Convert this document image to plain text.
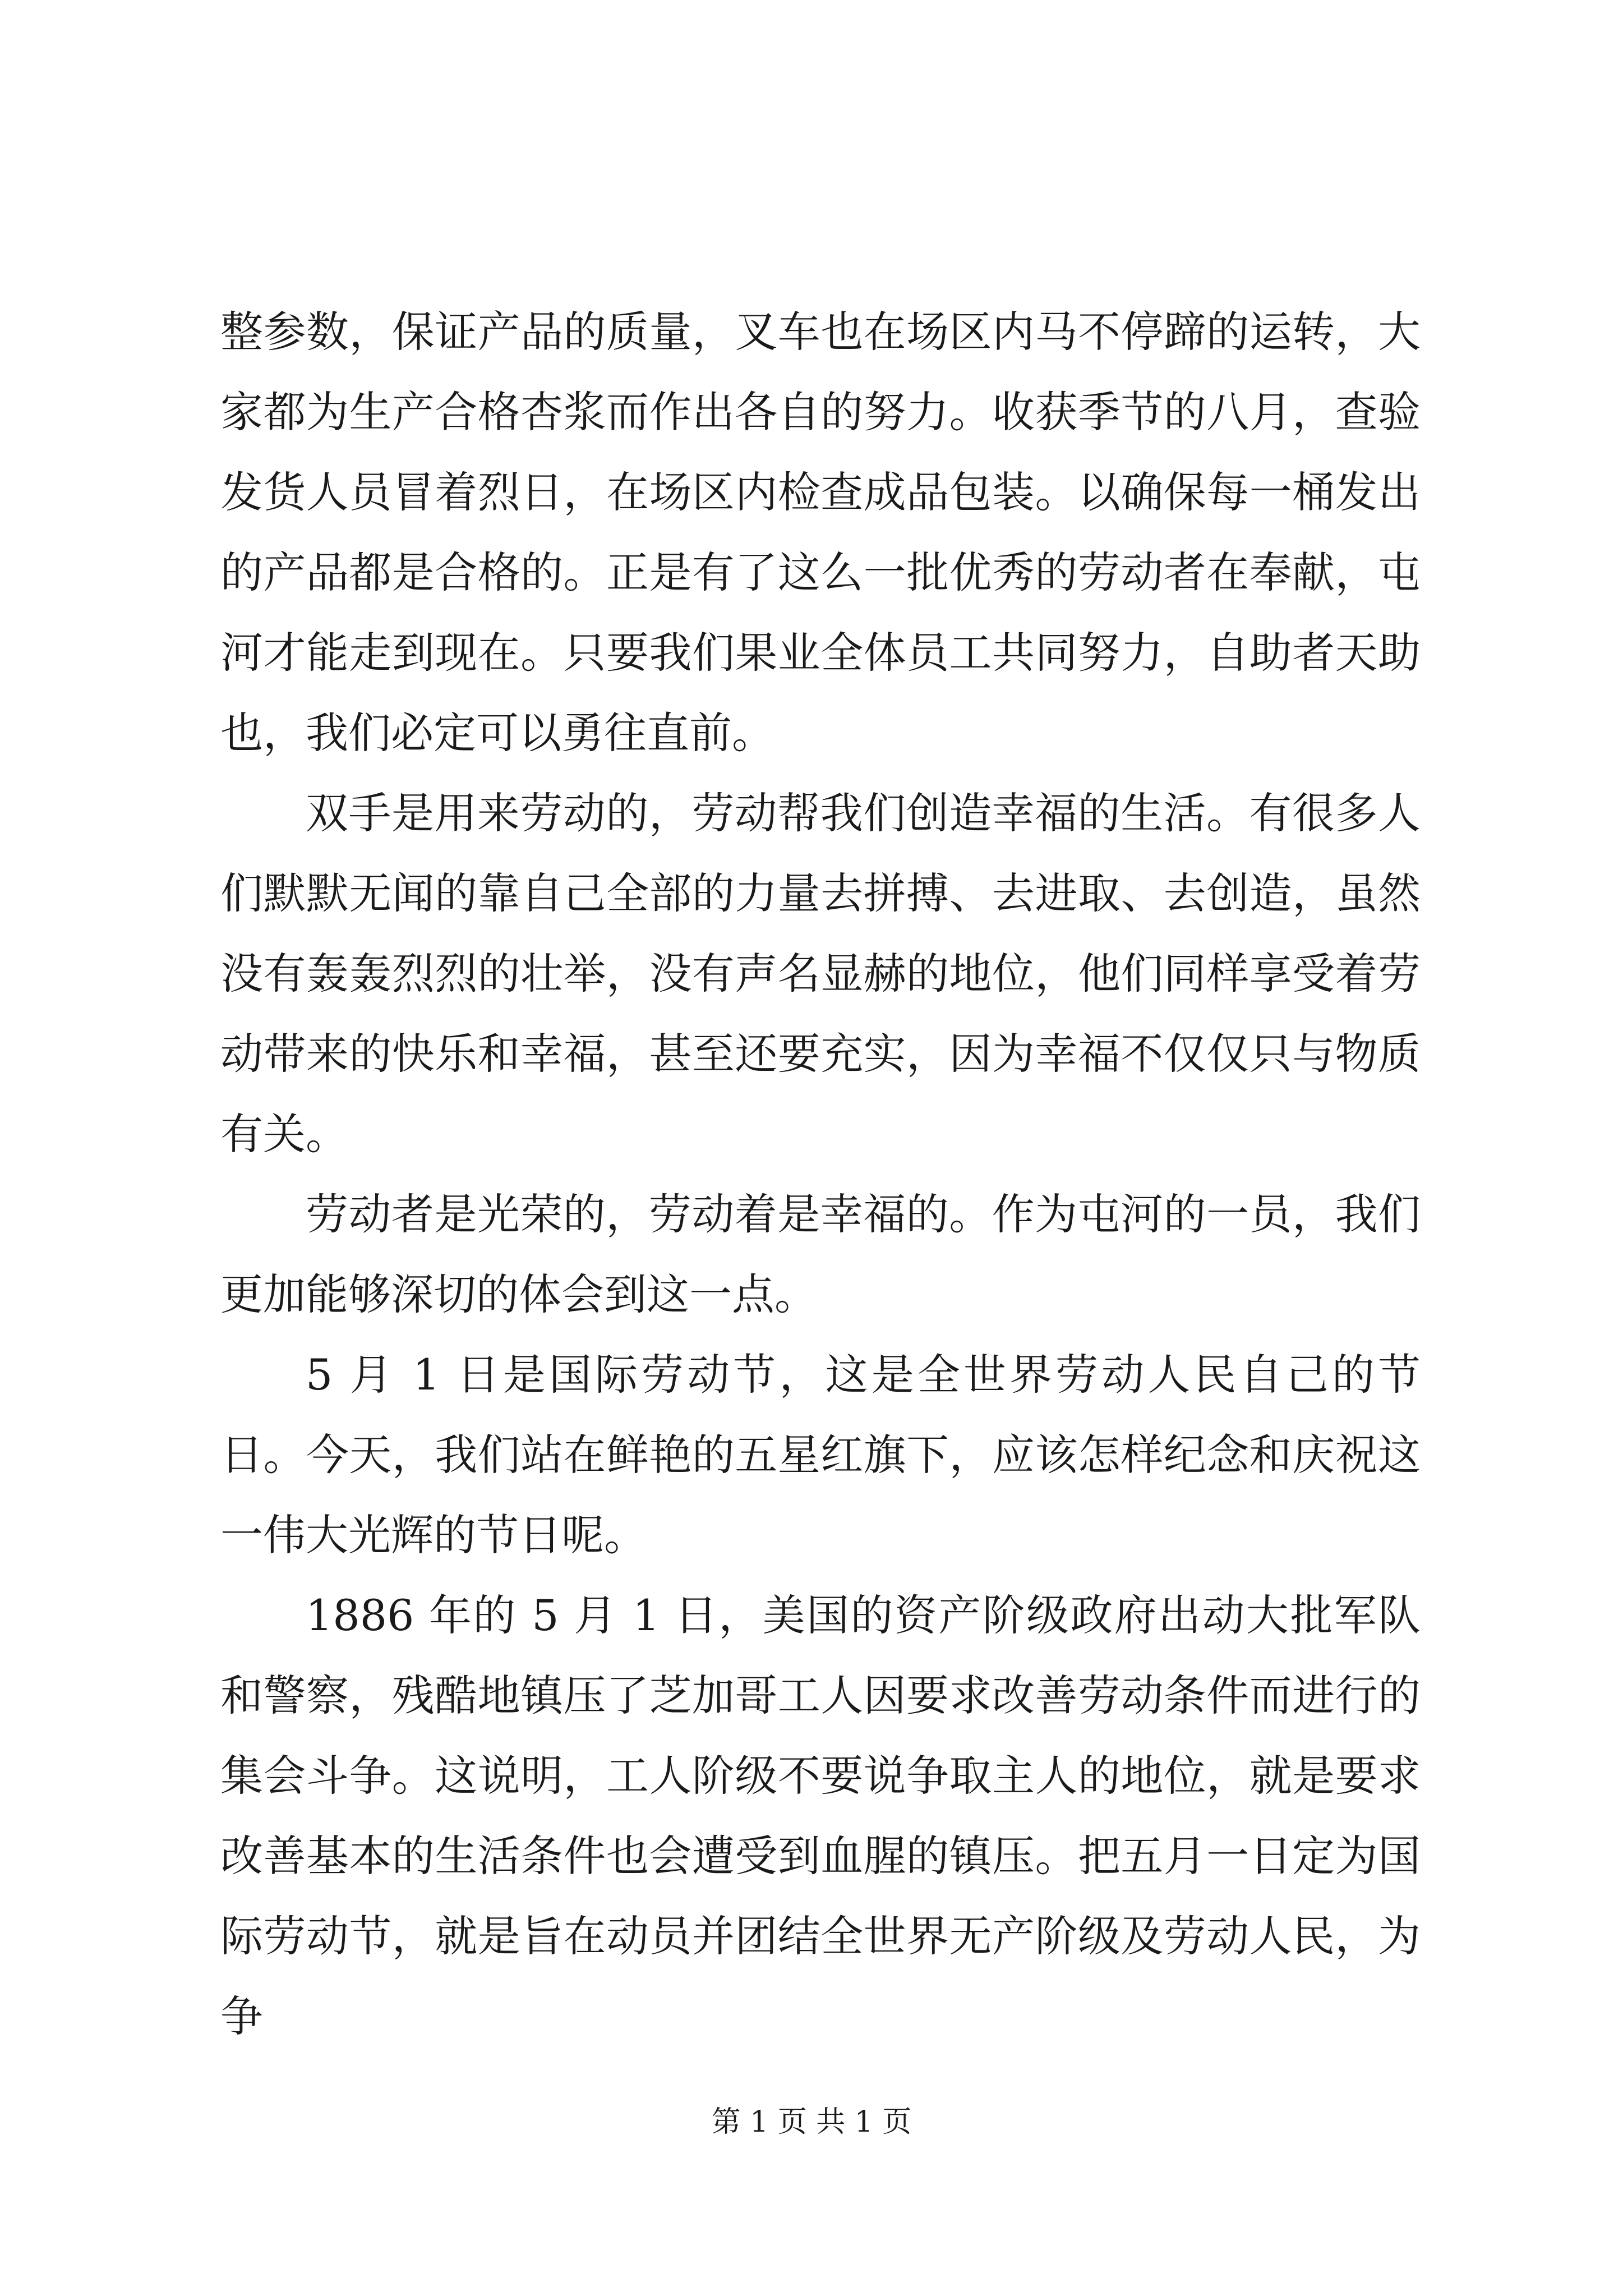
整参数，保证产品的质量，叉车也在场区内马不停蹄的运转，大家都为生产合格杏浆而作出各自的努力。收获季节的八月，查验发货人员冒着烈日，在场区内检查成品包装。以确保每一桶发出的产品都是合格的。正是有了这么一批优秀的劳动者在奉献，屯河才能走到现在。只要我们果业全体员工共同努力，自助者天助也，我们必定可以勇往直前。

双手是用来劳动的，劳动帮我们创造幸福的生活。有很多人们默默无闻的靠自己全部的力量去拼搏、去进取、去创造，虽然没有轰轰烈烈的壮举，没有声名显赫的地位，他们同样享受着劳动带来的快乐和幸福，甚至还要充实，因为幸福不仅仅只与物质有关。

劳动者是光荣的，劳动着是幸福的。作为屯河的一员，我们更加能够深切的体会到这一点。

5 月 1 日是国际劳动节，这是全世界劳动人民自己的节日。今天，我们站在鲜艳的五星红旗下，应该怎样纪念和庆祝这一伟大光辉的节日呢。

1886 年的 5 月 1 日，美国的资产阶级政府出动大批军队和警察，残酷地镇压了芝加哥工人因要求改善劳动条件而进行的集会斗争。这说明，工人阶级不要说争取主人的地位，就是要求改善基本的生活条件也会遭受到血腥的镇压。把五月一日定为国际劳动节，就是旨在动员并团结全世界无产阶级及劳动人民，为争

第 1 页 共 1 页
